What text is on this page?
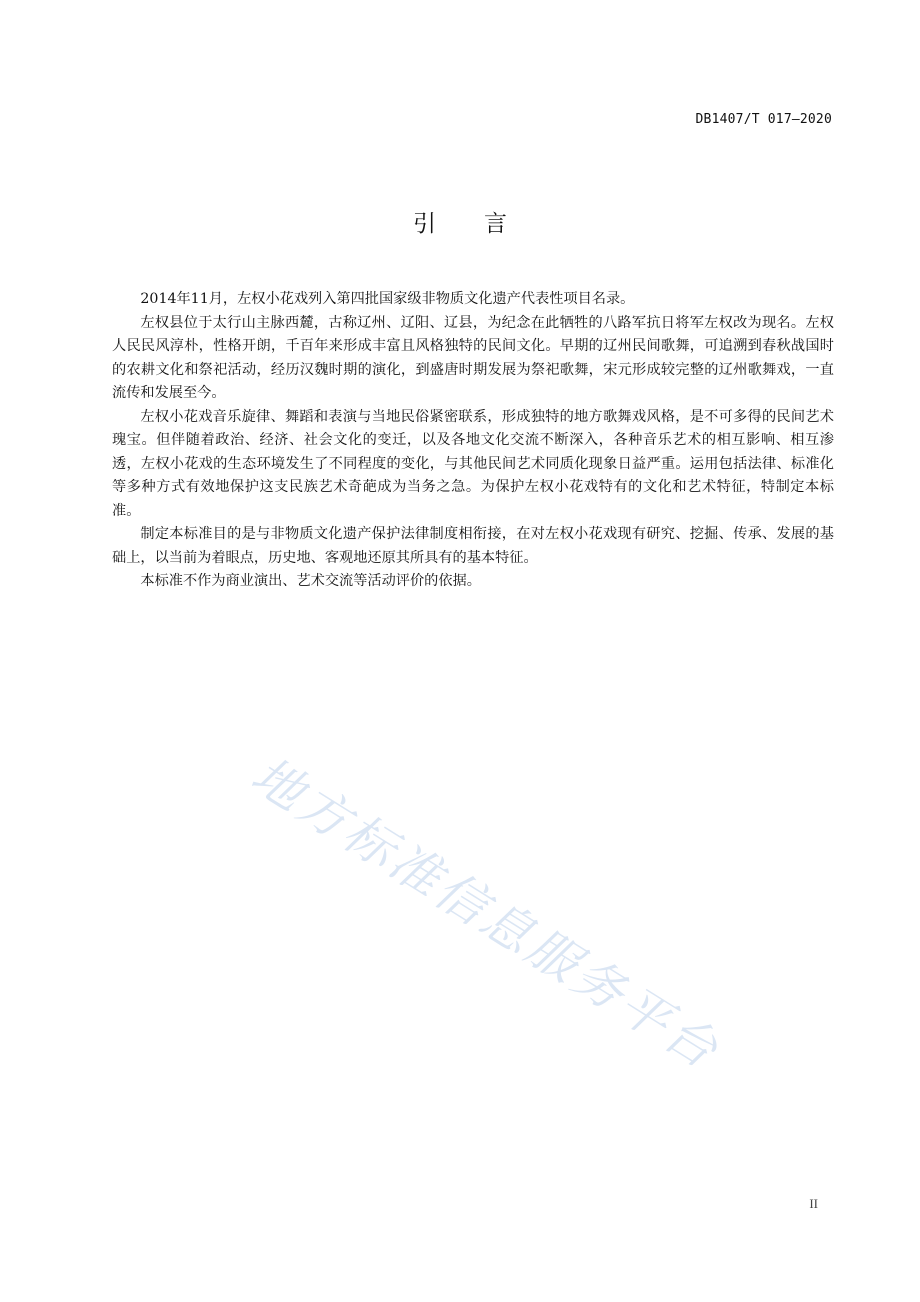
DB1407/T 017—2020
引言

2014年11月，左权小花戏列入第四批国家级非物质文化遗产代表性项目名录。

左权县位于太行山主脉西麓，古称辽州、辽阳、辽县，为纪念在此牺牲的八路军抗日将军左权改为现名。左权人民民风淳朴，性格开朗，千百年来形成丰富且风格独特的民间文化。早期的辽州民间歌舞，可追溯到春秋战国时的农耕文化和祭祀活动，经历汉魏时期的演化，到盛唐时期发展为祭祀歌舞，宋元形成较完整的辽州歌舞戏，一直流传和发展至今。

左权小花戏音乐旋律、舞蹈和表演与当地民俗紧密联系，形成独特的地方歌舞戏风格，是不可多得的民间艺术瑰宝。但伴随着政治、经济、社会文化的变迁，以及各地文化交流不断深入，各种音乐艺术的相互影响、相互渗透，左权小花戏的生态环境发生了不同程度的变化，与其他民间艺术同质化现象日益严重。运用包括法律、标准化等多种方式有效地保护这支民族艺术奇葩成为当务之急。为保护左权小花戏特有的文化和艺术特征，特制定本标准。

制定本标准目的是与非物质文化遗产保护法律制度相衔接，在对左权小花戏现有研究、挖掘、传承、发展的基础上，以当前为着眼点，历史地、客观地还原其所具有的基本特征。

本标准不作为商业演出、艺术交流等活动评价的依据。

地方标准信息服务平台
II
